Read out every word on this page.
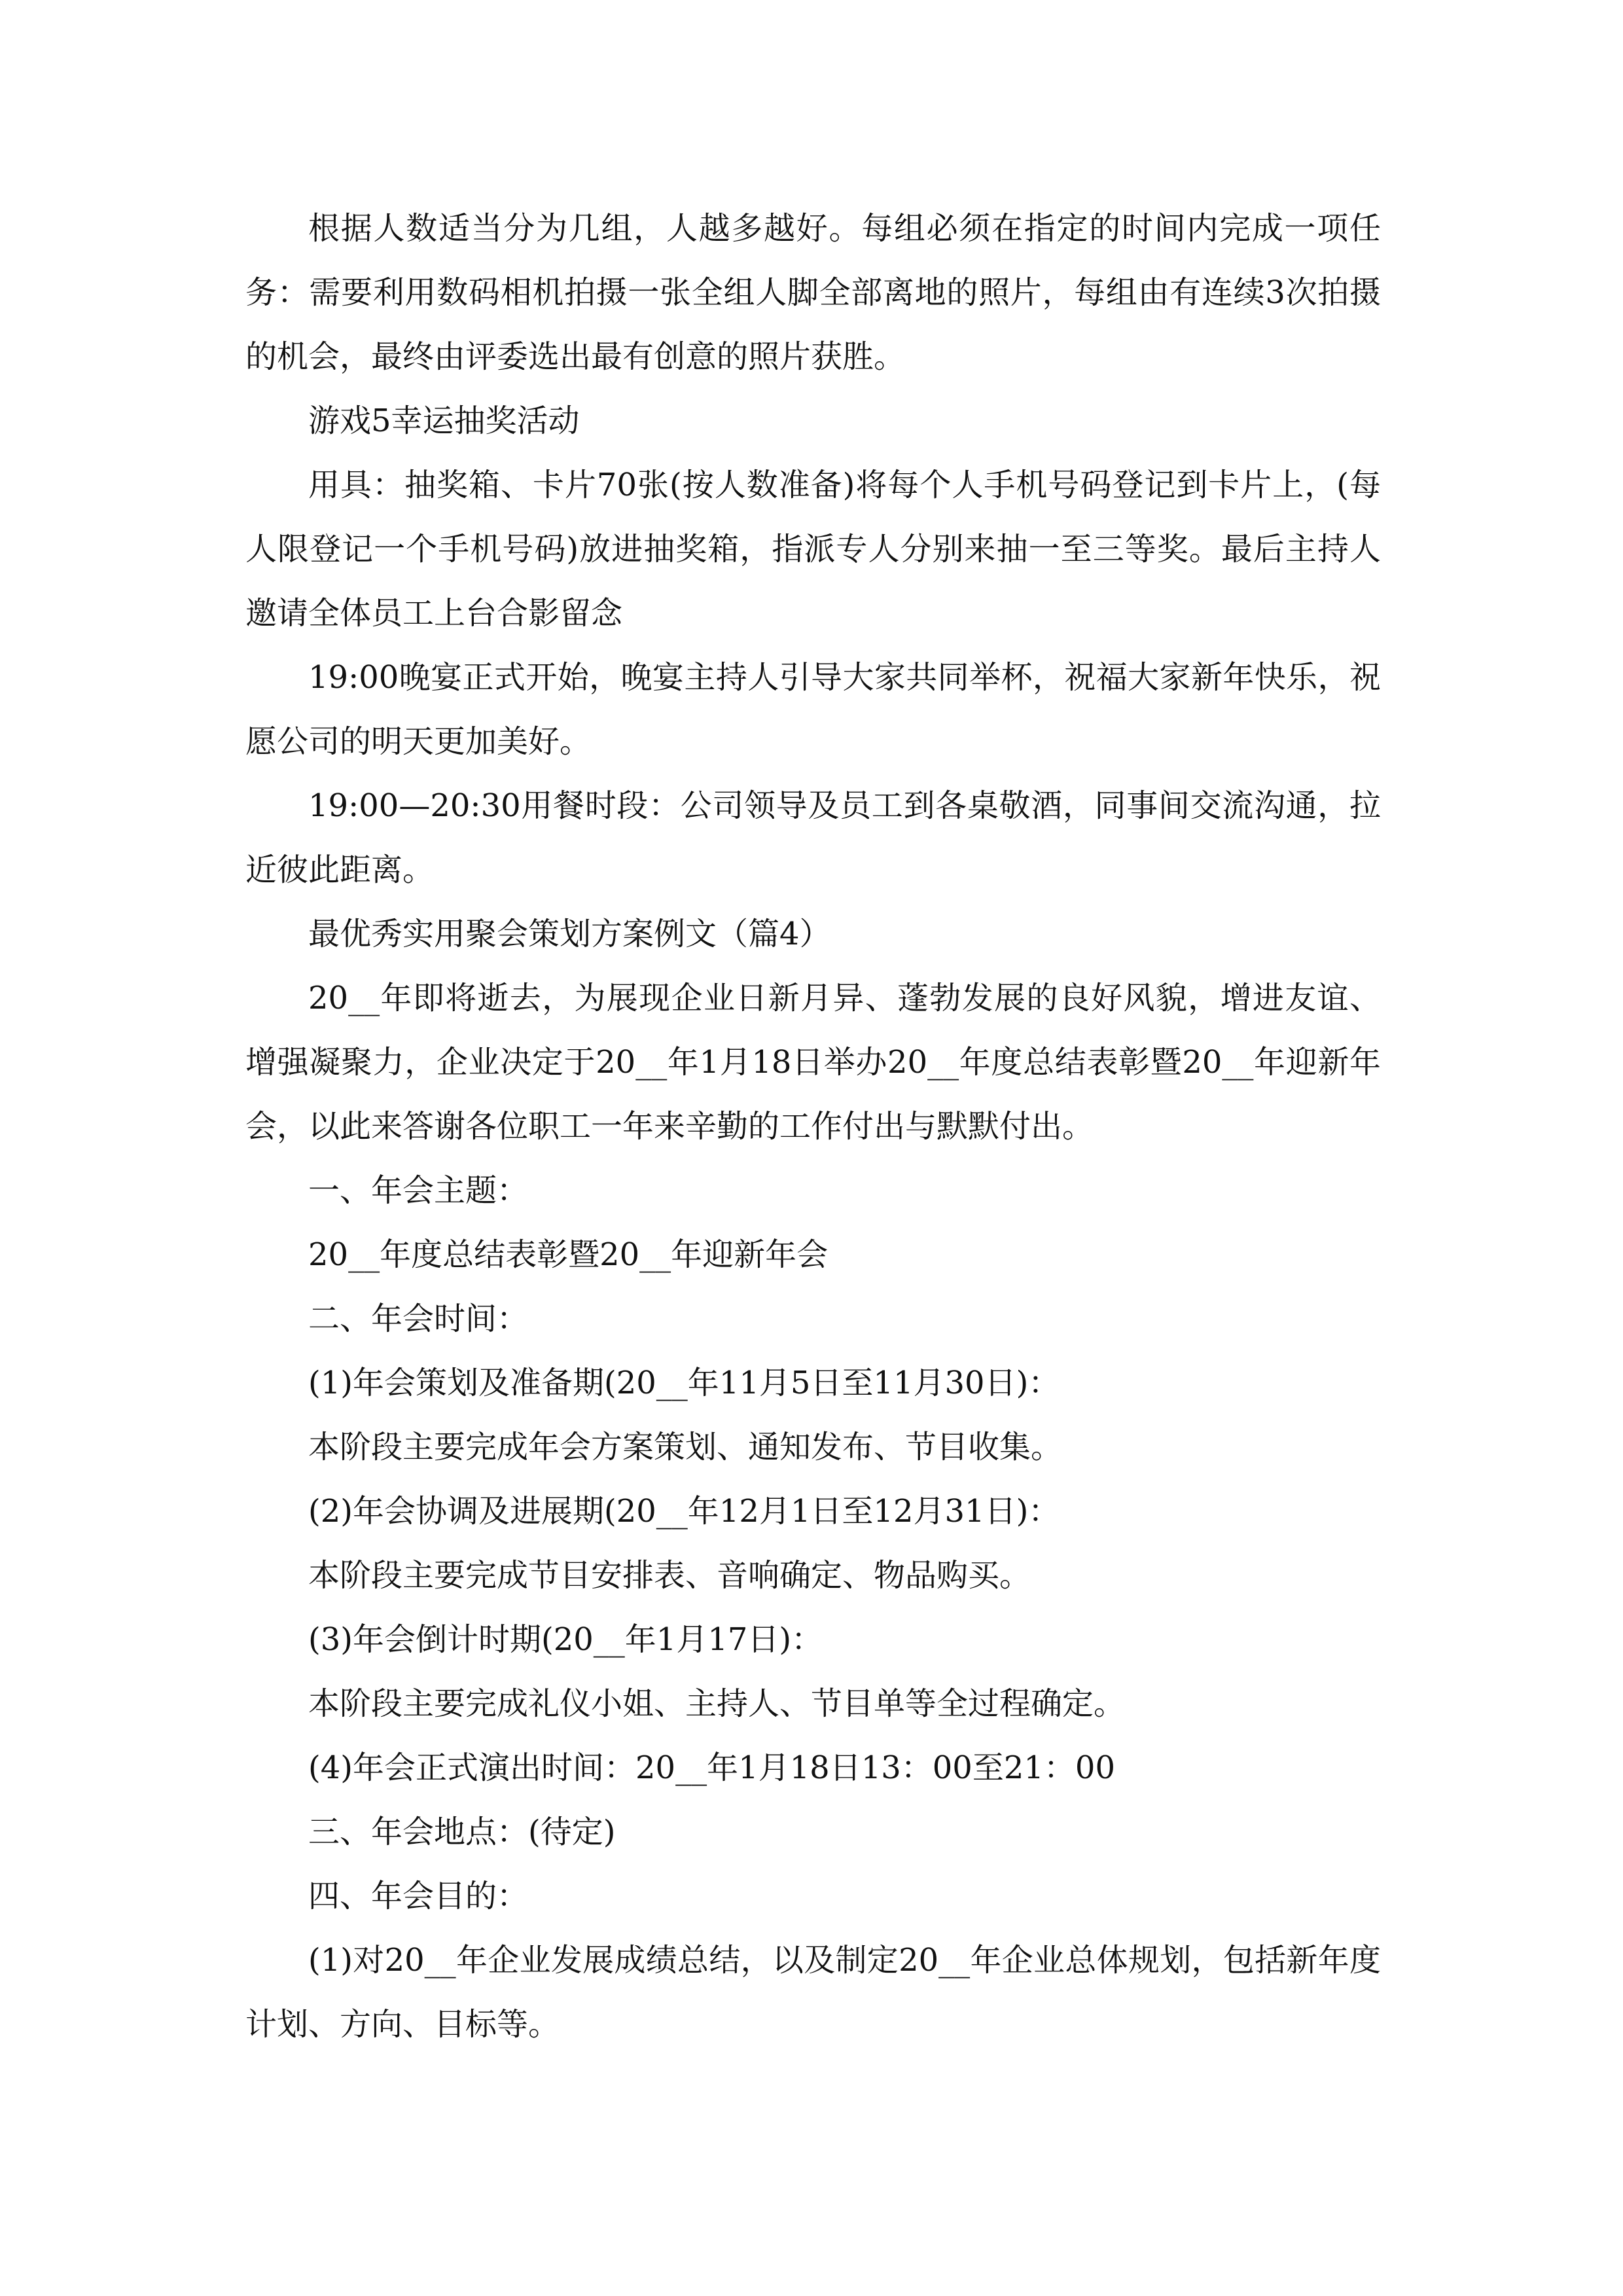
根据人数适当分为几组，人越多越好。每组必须在指定的时间内完成一项任务：需要利用数码相机拍摄一张全组人脚全部离地的照片，每组由有连续3次拍摄的机会，最终由评委选出最有创意的照片获胜。

游戏5幸运抽奖活动

用具：抽奖箱、卡片70张(按人数准备)将每个人手机号码登记到卡片上，(每人限登记一个手机号码)放进抽奖箱，指派专人分别来抽一至三等奖。最后主持人邀请全体员工上台合影留念

19:00晚宴正式开始，晚宴主持人引导大家共同举杯，祝福大家新年快乐，祝愿公司的明天更加美好。

19:00—20:30用餐时段：公司领导及员工到各桌敬酒，同事间交流沟通，拉近彼此距离。

最优秀实用聚会策划方案例文（篇4）

20__年即将逝去，为展现企业日新月异、蓬勃发展的良好风貌，增进友谊、增强凝聚力，企业决定于20__年1月18日举办20__年度总结表彰暨20__年迎新年会，以此来答谢各位职工一年来辛勤的工作付出与默默付出。

一、年会主题：

20__年度总结表彰暨20__年迎新年会

二、年会时间：

(1)年会策划及准备期(20__年11月5日至11月30日)：

本阶段主要完成年会方案策划、通知发布、节目收集。

(2)年会协调及进展期(20__年12月1日至12月31日)：

本阶段主要完成节目安排表、音响确定、物品购买。

(3)年会倒计时期(20__年1月17日)：

本阶段主要完成礼仪小姐、主持人、节目单等全过程确定。

(4)年会正式演出时间：20__年1月18日13：00至21：00

三、年会地点：(待定)

四、年会目的：

(1)对20__年企业发展成绩总结，以及制定20__年企业总体规划，包括新年度计划、方向、目标等。
